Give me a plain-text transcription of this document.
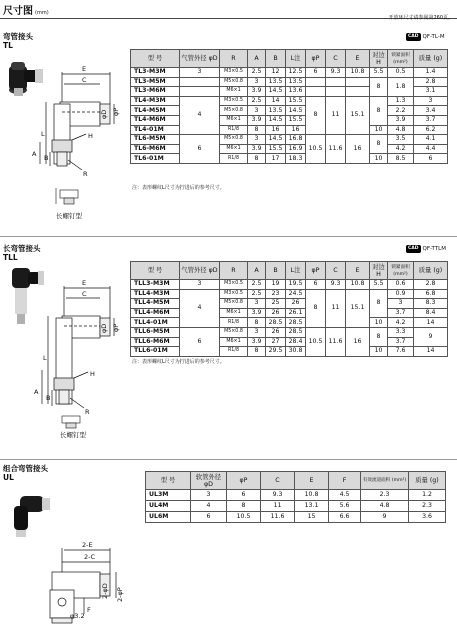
尺寸图 (mm)
开放环尺寸请参阅第260页。
弯管接头
TL
CAD QF-TL-M
E
C
φP
φD
L
A B
H
R
长螺钉型
型 号	气管外径 φD	R	A	B	L注	φP	C	E	对边 H	锁紧面积 (mm²)	质量 (g)
TL3-M3M	3	M3×0.5	2.5	12	12.5	6	9.3	10.8	5.5	0.5	1.4
TL3-M5M		M5×0.8	3	13.5	13.5				8	1.8	2.8
TL3-M6M		M6×1	3.9	14.5	13.6						3.1
TL4-M3M	4	M3×0.5	2.5	14	15.5	8	11	15.1	8	1.3	3
TL4-M5M		M5×0.8	3	13.5	14.5					2.2	3.4
TL4-M6M		M6×1	3.9	14.5	15.5					3.9	3.7
TL4-01M		R1/8	8	16	16				10	4.8	6.2
TL6-M5M	6	M5×0.8	3	14.5	16.8	10.5	11.6	16	8	3.5	4.1
TL6-M6M		M6×1	3.9	15.5	16.9					4.2	4.4
TL6-01M		R1/8	8	17	18.3				10	8.5	6
注：表形螺纹L尺寸为拧进后的参考尺寸。
长弯管接头
TLL
CAD QF-TTLM
E
C
φP
φD
L
A
B
H
R
长螺钉型
型 号	气管外径 φD	R	A	B	L注	φP	C	E	对边 H	锁紧面积 (mm²)	质量 (g)
TLL3-M3M	3	M3×0.5	2.5	19	19.5	6	9.3	10.8	5.5	0.6	2.8
TLL4-M3M	4	M3×0.5	2.5	23	24.5	8	11	15.1	8	0.9	6.8
TLL4-M5M		M5×0.8	3	25	26					3	8.3
TLL4-M6M		M6×1	3.9	26	26.1					3.7	8.4
TLL4-01M		R1/8	8	28.5	28.5				10	4.2	14
TLL6-M5M	6	M5×0.8	3	26	28.5	10.5	11.6	16	8	3.3	9
TLL6-M6M		M6×1	3.9	27	28.4					3.7	
TLL6-01M		R1/8	8	29.5	30.8				10	7.6	14
注：表形螺纹L尺寸为拧进后的参考尺寸。
组合弯管接头
UL
2-E
2-C
2-φP
2-φD
F
φ3.2
型 号	软管外径 φD	φP	C	E	F	有效流道面积 (mm²)	质量 (g)
UL3M	3	6	9.3	10.8	4.5	2.3	1.2
UL4M	4	8	11	13.1	5.6	4.8	2.3
UL6M	6	10.5	11.6	15	6.6	9	3.6
